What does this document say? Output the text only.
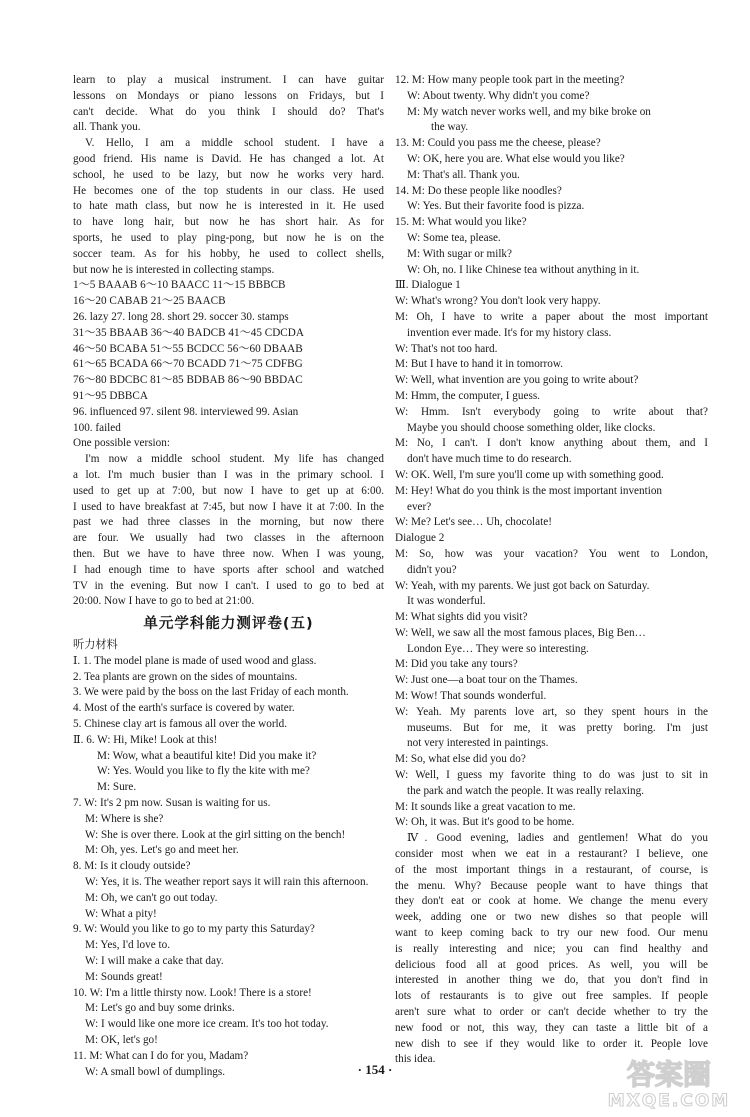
learn to play a musical instrument. I can have guitar
lessons on Mondays or piano lessons on Fridays, but I
can't decide. What do you think I should do? That's
all. Thank you.
V. Hello, I am a middle school student. I have a
good friend. His name is David. He has changed a lot. At
school, he used to be lazy, but now he works very hard.
He becomes one of the top students in our class. He used
to hate math class, but now he is interested in it. He used
to have long hair, but now he has short hair. As for
sports, he used to play ping-pong, but now he is on the
soccer team. As for his hobby, he used to collect shells,
but now he is interested in collecting stamps.
1～5 BAAAB 6～10 BAACC 11～15 BBBCB
16～20 CABAB 21～25 BAACB
26. lazy 27. long 28. short 29. soccer 30. stamps
31～35 BBAAB 36～40 BADCB 41～45 CDCDA
46～50 BCABA 51～55 BCDCC 56～60 DBAAB
61～65 BCADA 66～70 BCADD 71～75 CDFBG
76～80 BDCBC 81～85 BDBAB 86～90 BBDAC
91～95 DBBCA
96. influenced 97. silent 98. interviewed 99. Asian
100. failed
One possible version:
I'm now a middle school student. My life has changed
a lot. I'm much busier than I was in the primary school. I
used to get up at 7:00, but now I have to get up at 6:00.
I used to have breakfast at 7:45, but now I have it at 7:00. In the
past we had three classes in the morning, but now there
are four. We usually had two classes in the afternoon
then. But we have to have three now. When I was young,
I had enough time to have sports after school and watched
TV in the evening. But now I can't. I used to go to bed at
20:00. Now I have to go to bed at 21:00.
单元学科能力测评卷(五)
听力材料
Ⅰ. 1. The model plane is made of used wood and glass.
2. Tea plants are grown on the sides of mountains.
3. We were paid by the boss on the last Friday of each month.
4. Most of the earth's surface is covered by water.
5. Chinese clay art is famous all over the world.
Ⅱ. 6. W: Hi, Mike! Look at this!
M: Wow, what a beautiful kite! Did you make it?
W: Yes. Would you like to fly the kite with me?
M: Sure.
7. W: It's 2 pm now. Susan is waiting for us.
M: Where is she?
W: She is over there. Look at the girl sitting on the bench!
M: Oh, yes. Let's go and meet her.
8. M: Is it cloudy outside?
W: Yes, it is. The weather report says it will rain this afternoon.
M: Oh, we can't go out today.
W: What a pity!
9. W: Would you like to go to my party this Saturday?
M: Yes, I'd love to.
W: I will make a cake that day.
M: Sounds great!
10. W: I'm a little thirsty now. Look! There is a store!
M: Let's go and buy some drinks.
W: I would like one more ice cream. It's too hot today.
M: OK, let's go!
11. M: What can I do for you, Madam?
W: A small bowl of dumplings.
12. M: How many people took part in the meeting?
W: About twenty. Why didn't you come?
M: My watch never works well, and my bike broke on
the way.
13. M: Could you pass me the cheese, please?
W: OK, here you are. What else would you like?
M: That's all. Thank you.
14. M: Do these people like noodles?
W: Yes. But their favorite food is pizza.
15. M: What would you like?
W: Some tea, please.
M: With sugar or milk?
W: Oh, no. I like Chinese tea without anything in it.
Ⅲ. Dialogue 1
W: What's wrong? You don't look very happy.
M: Oh, I have to write a paper about the most important
invention ever made. It's for my history class.
W: That's not too hard.
M: But I have to hand it in tomorrow.
W: Well, what invention are you going to write about?
M: Hmm, the computer, I guess.
W: Hmm. Isn't everybody going to write about that?
Maybe you should choose something older, like clocks.
M: No, I can't. I don't know anything about them, and I
don't have much time to do research.
W: OK. Well, I'm sure you'll come up with something good.
M: Hey! What do you think is the most important invention
ever?
W: Me? Let's see… Uh, chocolate!
Dialogue 2
M: So, how was your vacation? You went to London,
didn't you?
W: Yeah, with my parents. We just got back on Saturday.
It was wonderful.
M: What sights did you visit?
W: Well, we saw all the most famous places, Big Ben…
London Eye… They were so interesting.
M: Did you take any tours?
W: Just one—a boat tour on the Thames.
M: Wow! That sounds wonderful.
W: Yeah. My parents love art, so they spent hours in the
museums. But for me, it was pretty boring. I'm just
not very interested in paintings.
M: So, what else did you do?
W: Well, I guess my favorite thing to do was just to sit in
the park and watch the people. It was really relaxing.
M: It sounds like a great vacation to me.
W: Oh, it was. But it's good to be home.
Ⅳ. Good evening, ladies and gentlemen! What do you
consider most when we eat in a restaurant? I believe, one
of the most important things in a restaurant, of course, is
the menu. Why? Because people want to have things that
they don't eat or cook at home. We change the menu every
week, adding one or two new dishes so that people will
want to keep coming back to try our new food. Our menu
is really interesting and nice; you can find healthy and
delicious food all at good prices. As well, you will be
interested in another thing we do, that you don't find in
lots of restaurants is to give out free samples. If people
aren't sure what to order or can't decide whether to try the
new food or not, this way, they can taste a little bit of a
new dish to see if they would like to order it. People love
this idea.
· 154 ·	答案圈
MXQE.COM
